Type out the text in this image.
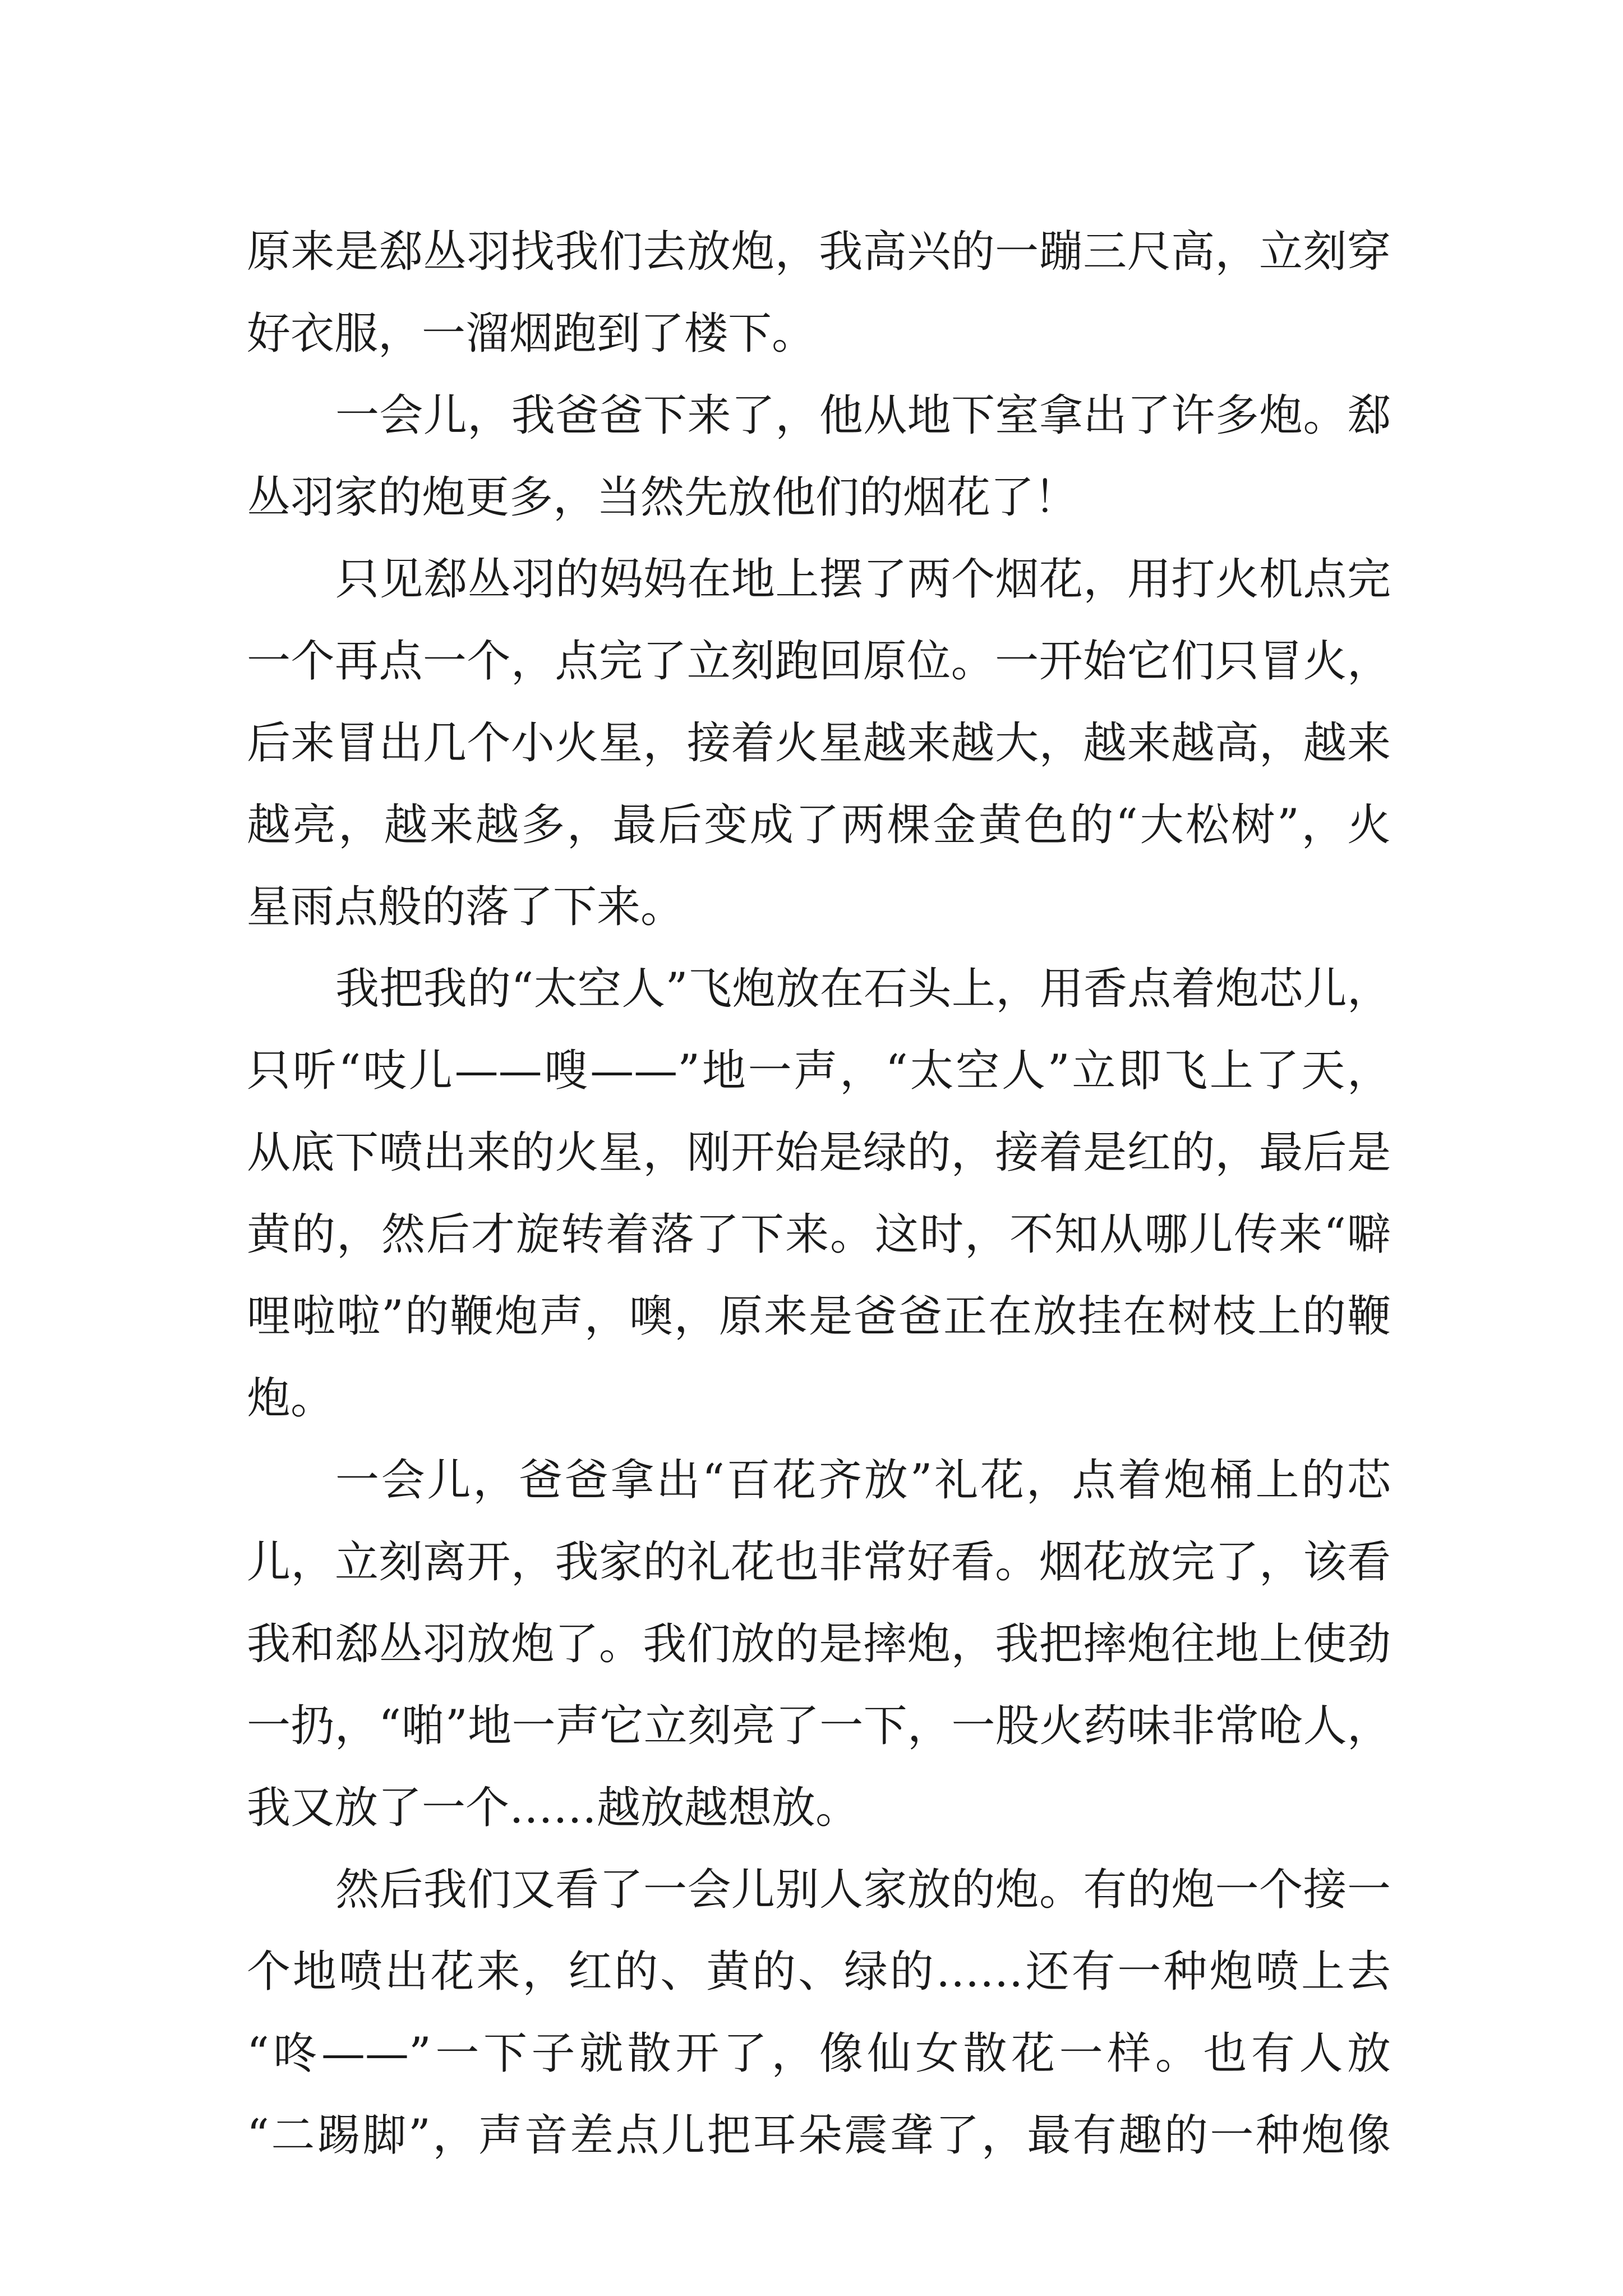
原来是郄丛羽找我们去放炮，我高兴的一蹦三尺高，立刻穿
好衣服，一溜烟跑到了楼下。
一会儿，我爸爸下来了，他从地下室拿出了许多炮。郄
丛羽家的炮更多，当然先放他们的烟花了！
只见郄丛羽的妈妈在地上摆了两个烟花，用打火机点完
一个再点一个，点完了立刻跑回原位。一开始它们只冒火，
后来冒出几个小火星，接着火星越来越大，越来越高，越来
越亮，越来越多，最后变成了两棵金黄色的“大松树”，火
星雨点般的落了下来。
我把我的“太空人”飞炮放在石头上，用香点着炮芯儿，
只听“吱儿——嗖——”地一声，“太空人”立即飞上了天，
从底下喷出来的火星，刚开始是绿的，接着是红的，最后是
黄的，然后才旋转着落了下来。这时，不知从哪儿传来“噼
哩啦啦”的鞭炮声，噢，原来是爸爸正在放挂在树枝上的鞭
炮。
一会儿，爸爸拿出“百花齐放”礼花，点着炮桶上的芯
儿，立刻离开，我家的礼花也非常好看。烟花放完了，该看
我和郄丛羽放炮了。我们放的是摔炮，我把摔炮往地上使劲
一扔，“啪”地一声它立刻亮了一下，一股火药味非常呛人，
我又放了一个……越放越想放。
然后我们又看了一会儿别人家放的炮。有的炮一个接一
个地喷出花来，红的、黄的、绿的……还有一种炮喷上去
“咚——”一下子就散开了，像仙女散花一样。也有人放
“二踢脚”，声音差点儿把耳朵震聋了，最有趣的一种炮像
